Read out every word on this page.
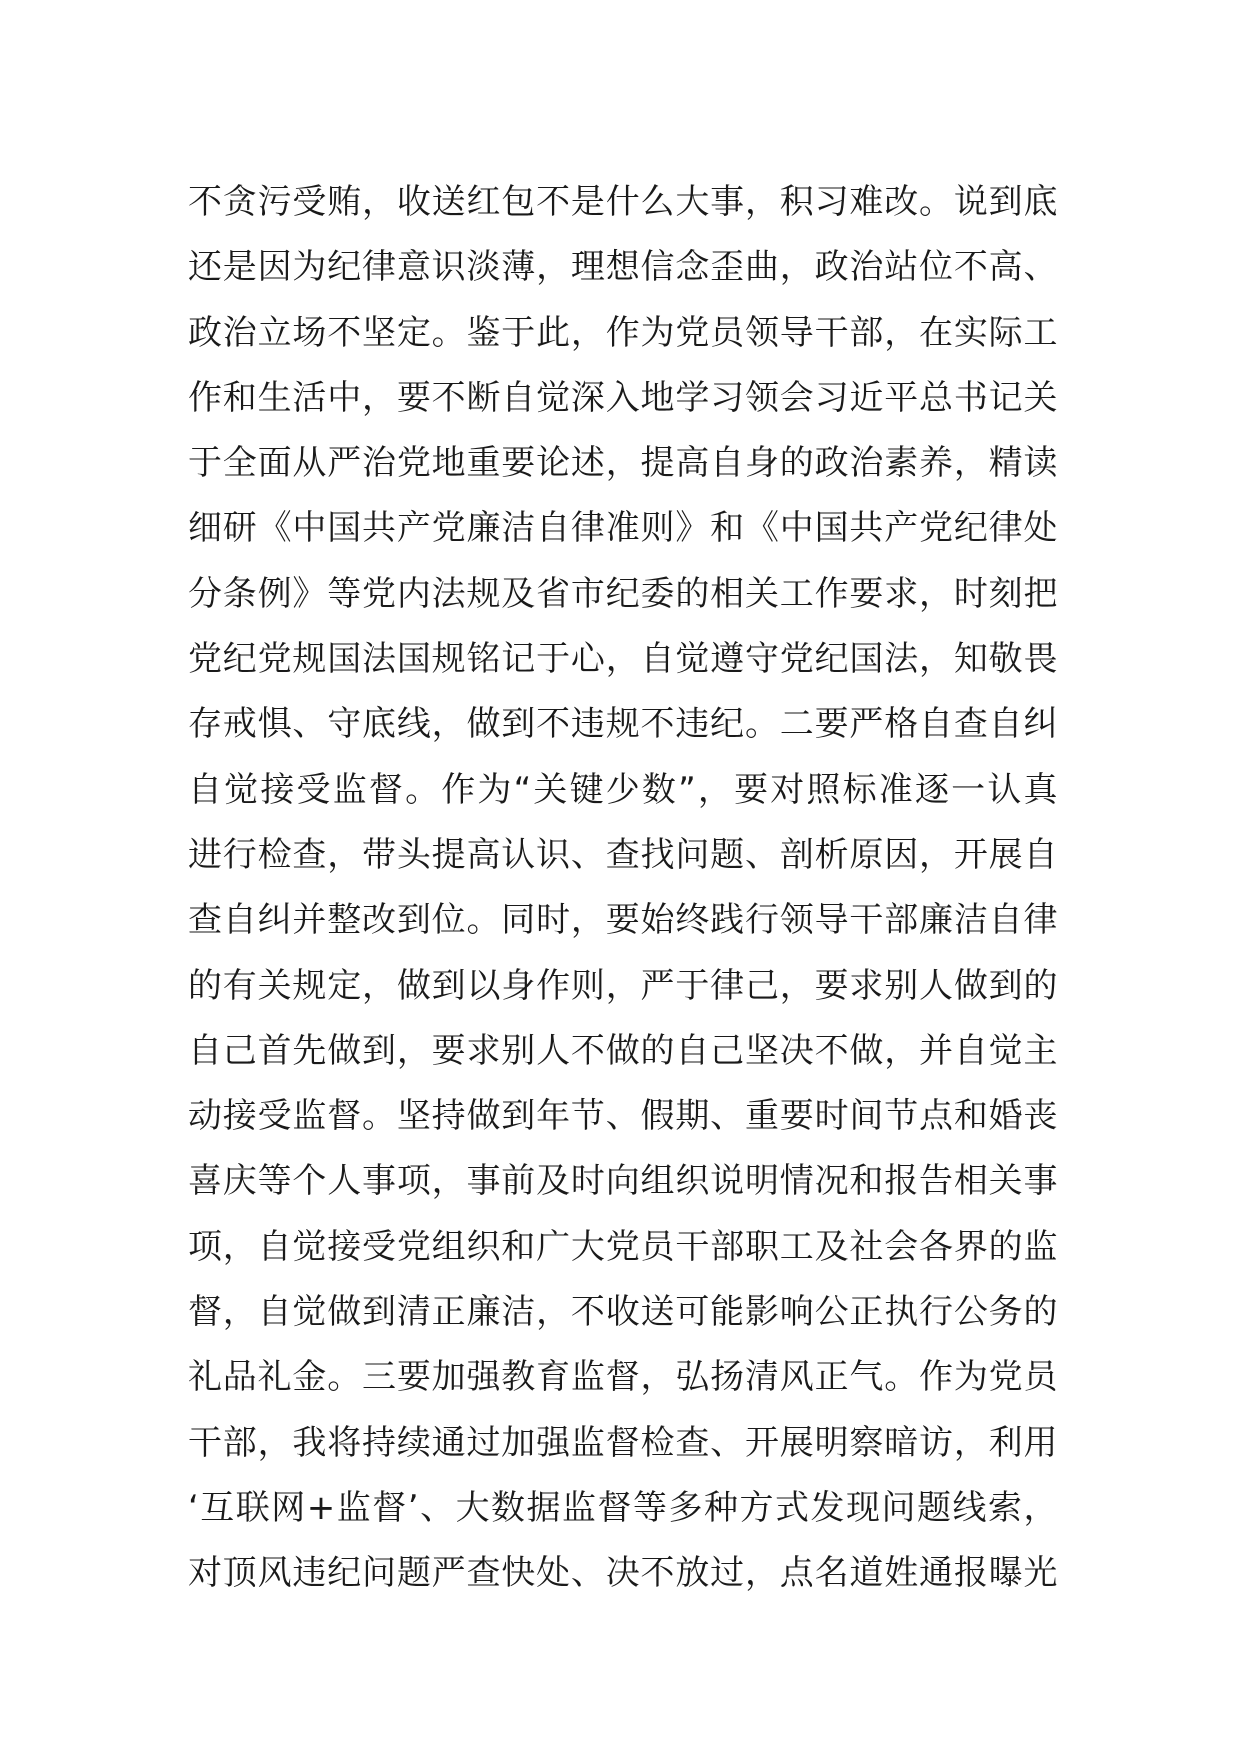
不贪污受贿，收送红包不是什么大事，积习难改。说到底
还是因为纪律意识淡薄，理想信念歪曲，政治站位不高、
政治立场不坚定。鉴于此，作为党员领导干部，在实际工
作和生活中，要不断自觉深入地学习领会习近平总书记关
于全面从严治党地重要论述，提高自身的政治素养，精读
细研《中国共产党廉洁自律准则》和《中国共产党纪律处
分条例》等党内法规及省市纪委的相关工作要求，时刻把
党纪党规国法国规铭记于心，自觉遵守党纪国法，知敬畏
存戒惧、守底线，做到不违规不违纪。二要严格自查自纠
自觉接受监督。作为“关键少数”，要对照标准逐一认真
进行检查，带头提高认识、查找问题、剖析原因，开展自
查自纠并整改到位。同时，要始终践行领导干部廉洁自律
的有关规定，做到以身作则，严于律己，要求别人做到的
自己首先做到，要求别人不做的自己坚决不做，并自觉主
动接受监督。坚持做到年节、假期、重要时间节点和婚丧
喜庆等个人事项，事前及时向组织说明情况和报告相关事
项，自觉接受党组织和广大党员干部职工及社会各界的监
督，自觉做到清正廉洁，不收送可能影响公正执行公务的
礼品礼金。三要加强教育监督，弘扬清风正气。作为党员
干部，我将持续通过加强监督检查、开展明察暗访，利用
‘互联网+监督’、大数据监督等多种方式发现问题线索，
对顶风违纪问题严查快处、决不放过，点名道姓通报曝光
